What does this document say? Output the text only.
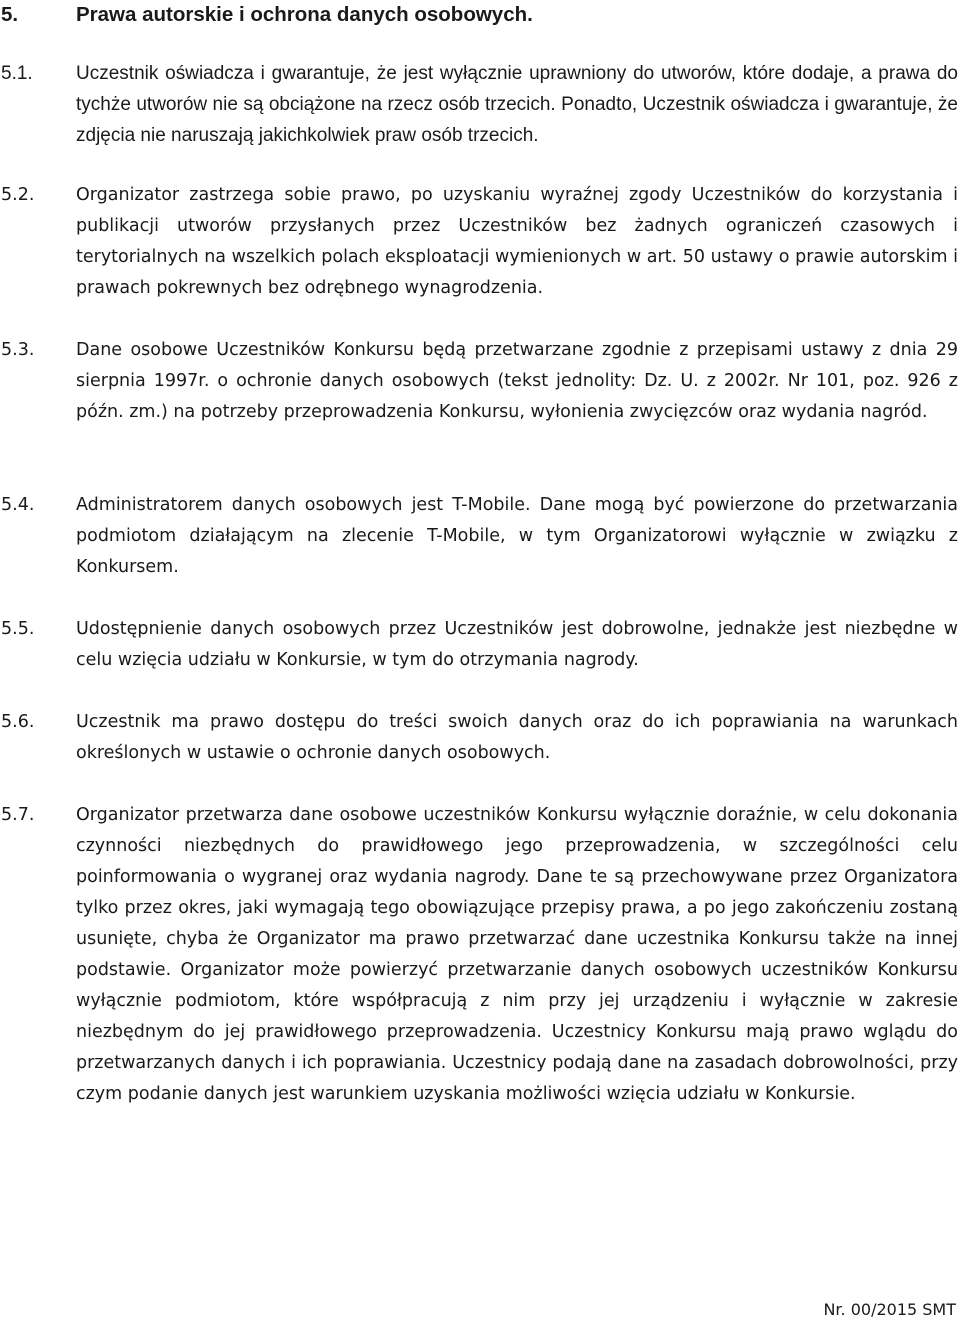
5.	Prawa autorskie i ochrona danych osobowych.
5.1. Uczestnik oświadcza i gwarantuje, że jest wyłącznie uprawniony do utworów, które dodaje, a prawa do tychże utworów nie są obciążone na rzecz osób trzecich. Ponadto, Uczestnik oświadcza i gwarantuje, że zdjęcia nie naruszają jakichkolwiek praw osób trzecich.
5.2. Organizator zastrzega sobie prawo, po uzyskaniu wyraźnej zgody Uczestników do korzystania i publikacji utworów przysłanych przez Uczestników bez żadnych ograniczeń czasowych i terytorialnych na wszelkich polach eksploatacji wymienionych w art. 50 ustawy o prawie autorskim i prawach pokrewnych bez odrębnego wynagrodzenia.
5.3. Dane osobowe Uczestników Konkursu będą przetwarzane zgodnie z przepisami ustawy z dnia 29 sierpnia 1997r. o ochronie danych osobowych (tekst jednolity: Dz. U. z 2002r. Nr 101, poz. 926 z późn. zm.) na potrzeby przeprowadzenia Konkursu, wyłonienia zwycięzców oraz wydania nagród.
5.4. Administratorem danych osobowych jest T-Mobile. Dane mogą być powierzone do przetwarzania podmiotom działającym na zlecenie T-Mobile, w tym Organizatorowi wyłącznie w związku z Konkursem.
5.5. Udostępnienie danych osobowych przez Uczestników jest dobrowolne, jednakże jest niezbędne w celu wzięcia udziału w Konkursie, w tym do otrzymania nagrody.
5.6. Uczestnik ma prawo dostępu do treści swoich danych oraz do ich poprawiania na warunkach określonych w ustawie o ochronie danych osobowych.
5.7. Organizator przetwarza dane osobowe uczestników Konkursu wyłącznie doraźnie, w celu dokonania czynności niezbędnych do prawidłowego jego przeprowadzenia, w szczególności celu poinformowania o wygranej oraz wydania nagrody. Dane te są przechowywane przez Organizatora tylko przez okres, jaki wymagają tego obowiązujące przepisy prawa, a po jego zakończeniu zostaną usunięte, chyba że Organizator ma prawo przetwarzać dane uczestnika Konkursu także na innej podstawie. Organizator może powierzyć przetwarzanie danych osobowych uczestników Konkursu wyłącznie podmiotom, które współpracują z nim przy jej urządzeniu i wyłącznie w zakresie niezbędnym do jej prawidłowego przeprowadzenia. Uczestnicy Konkursu mają prawo wglądu do przetwarzanych danych i ich poprawiania. Uczestnicy podają dane na zasadach dobrowolności, przy czym podanie danych jest warunkiem uzyskania możliwości wzięcia udziału w Konkursie.
Nr. 00/2015 SMT
